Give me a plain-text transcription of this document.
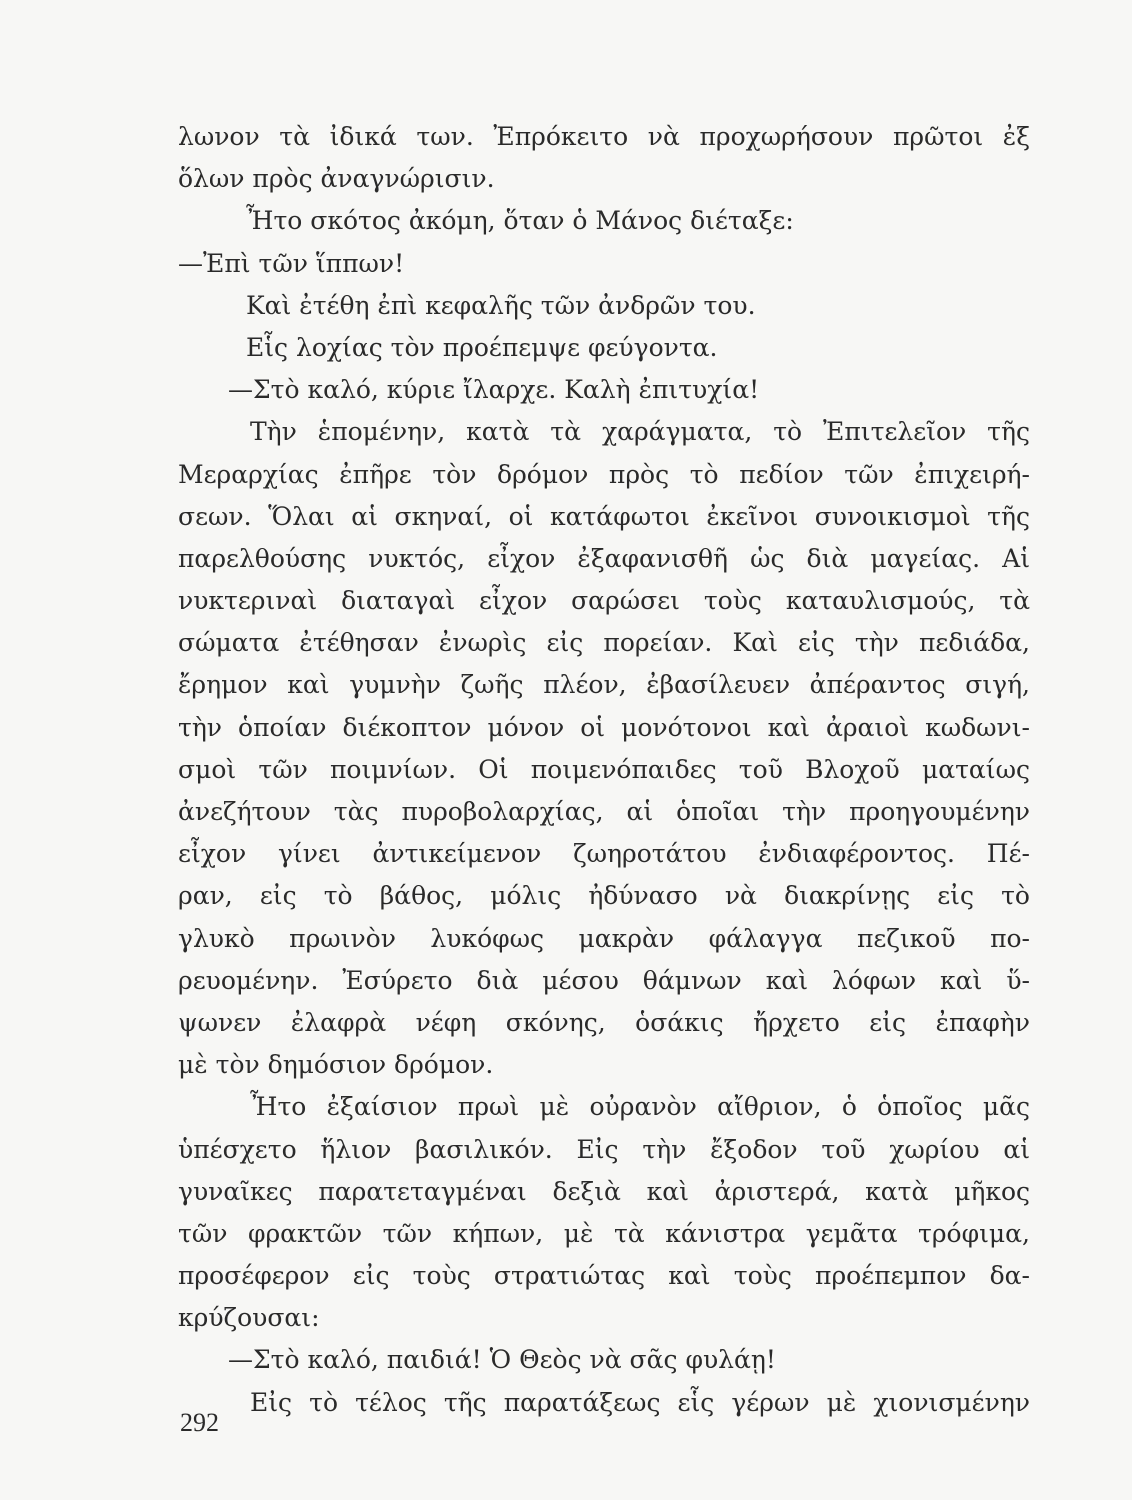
λωνον τὰ ἰδικά των. Ἐπρόκειτο νὰ προχωρήσουν πρῶτοι ἐξ
ὅλων πρὸς ἀναγνώρισιν.
Ἦτο σκότος ἀκόμη, ὅταν ὁ Μάνος διέταξε:
—Ἐπὶ τῶν ἵππων!
Καὶ ἐτέθη ἐπὶ κεφαλῆς τῶν ἀνδρῶν του.
Εἷς λοχίας τὸν προέπεμψε φεύγοντα.
—Στὸ καλό, κύριε ἴλαρχε. Καλὴ ἐπιτυχία!
Τὴν ἑπομένην, κατὰ τὰ χαράγματα, τὸ Ἐπιτελεῖον τῆς
Μεραρχίας ἐπῆρε τὸν δρόμον πρὸς τὸ πεδίον τῶν ἐπιχειρή-
σεων. Ὅλαι αἱ σκηναί, οἱ κατάφωτοι ἐκεῖνοι συνοικισμοὶ τῆς
παρελθούσης νυκτός, εἶχον ἐξαφανισθῆ ὡς διὰ μαγείας. Αἱ
νυκτεριναὶ διαταγαὶ εἶχον σαρώσει τοὺς καταυλισμούς, τὰ
σώματα ἐτέθησαν ἐνωρὶς εἰς πορείαν. Καὶ εἰς τὴν πεδιάδα,
ἔρημον καὶ γυμνὴν ζωῆς πλέον, ἐβασίλευεν ἀπέραντος σιγή,
τὴν ὁποίαν διέκοπτον μόνον οἱ μονότονοι καὶ ἀραιοὶ κωδωνι-
σμοὶ τῶν ποιμνίων. Οἱ ποιμενόπαιδες τοῦ Βλοχοῦ ματαίως
ἀνεζήτουν τὰς πυροβολαρχίας, αἱ ὁποῖαι τὴν προηγουμένην
εἶχον γίνει ἀντικείμενον ζωηροτάτου ἐνδιαφέροντος. Πέ-
ραν, εἰς τὸ βάθος, μόλις ἠδύνασο νὰ διακρίνῃς εἰς τὸ
γλυκὸ πρωινὸν λυκόφως μακρὰν φάλαγγα πεζικοῦ πο-
ρευομένην. Ἐσύρετο διὰ μέσου θάμνων καὶ λόφων καὶ ὕ-
ψωνεν ἐλαφρὰ νέφη σκόνης, ὁσάκις ἤρχετο εἰς ἐπαφὴν
μὲ τὸν δημόσιον δρόμον.
Ἦτο ἐξαίσιον πρωὶ μὲ οὐρανὸν αἴθριον, ὁ ὁποῖος μᾶς
ὑπέσχετο ἥλιον βασιλικόν. Εἰς τὴν ἔξοδον τοῦ χωρίου αἱ
γυναῖκες παρατεταγμέναι δεξιὰ καὶ ἀριστερά, κατὰ μῆκος
τῶν φρακτῶν τῶν κήπων, μὲ τὰ κάνιστρα γεμᾶτα τρόφιμα,
προσέφερον εἰς τοὺς στρατιώτας καὶ τοὺς προέπεμπον δα-
κρύζουσαι:
—Στὸ καλό, παιδιά! Ὁ Θεὸς νὰ σᾶς φυλάῃ!
Εἰς τὸ τέλος τῆς παρατάξεως εἷς γέρων μὲ χιονισμένην
292
